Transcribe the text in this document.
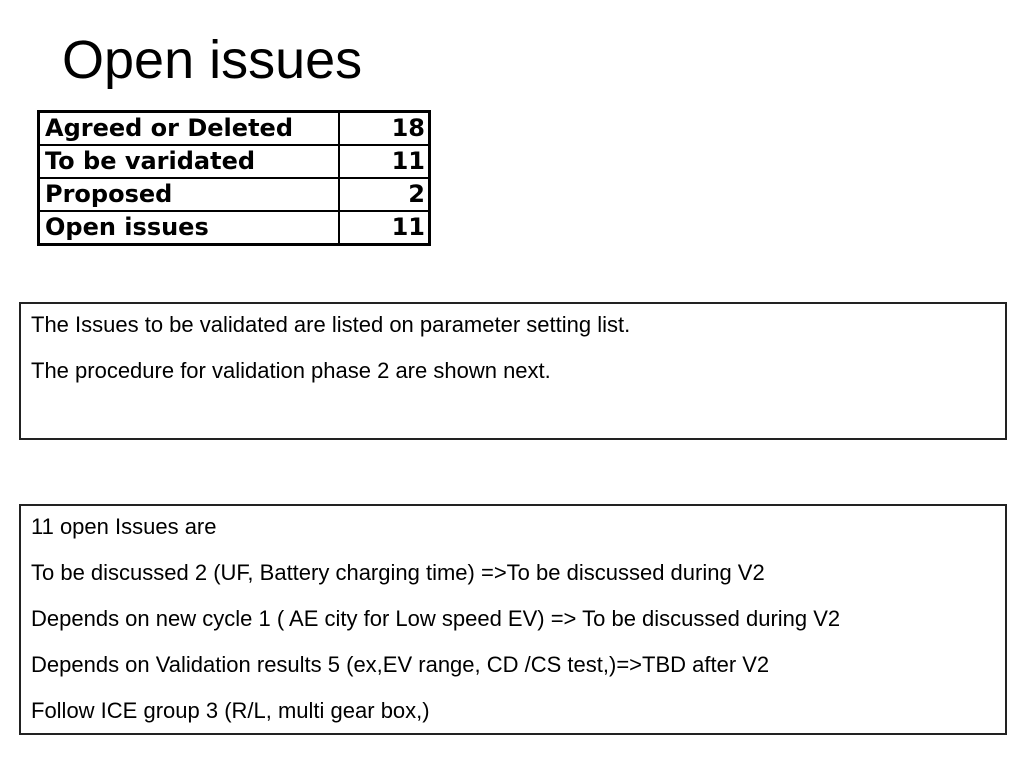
Open issues
Agreed or Deleted	18
To be varidated	11
Proposed	2
Open issues	11

The Issues to be validated are listed on parameter setting list.

The procedure for validation phase 2 are shown next.

11 open Issues are

To be discussed 2 (UF, Battery charging time) =>To be discussed during V2

Depends on new cycle 1 ( AE city for Low speed EV) => To be discussed during V2

Depends on Validation results 5 (ex,EV range, CD /CS test,)=>TBD after V2

Follow ICE group 3 (R/L, multi gear box,)
